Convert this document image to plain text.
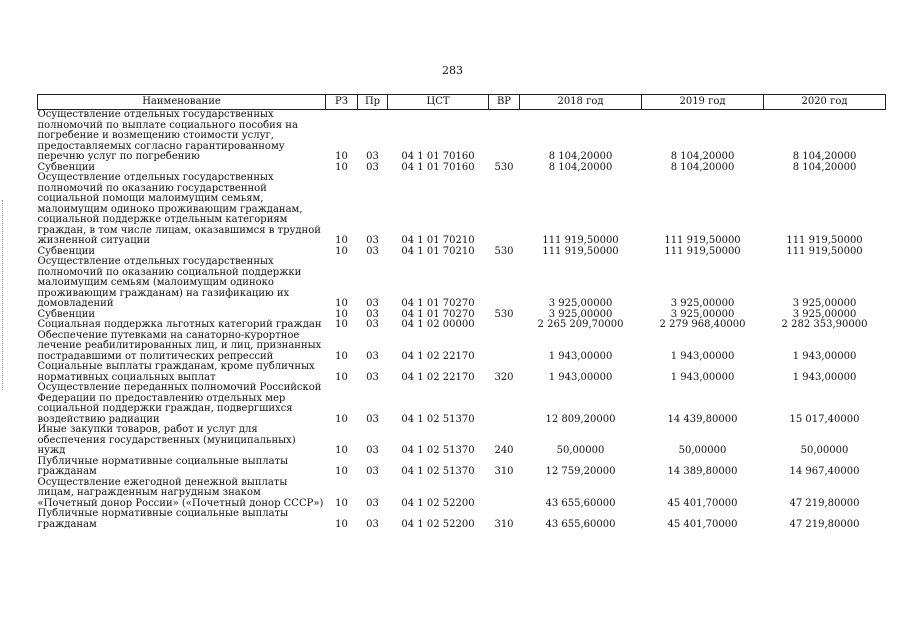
283
Наименование	РЗ	Пр	ЦСТ	ВР	2018 год	2019 год	2020 год
Осуществление отдельных государственных полномочий по выплате социального пособия на погребение и возмещению стоимости услуг, предоставляемых согласно гарантированному перечню услуг по погребению	10	03	04 1 01 70160		8 104,20000	8 104,20000	8 104,20000
Субвенции	10	03	04 1 01 70160	530	8 104,20000	8 104,20000	8 104,20000
Осуществление отдельных государственных полномочий по оказанию государственной социальной помощи малоимущим семьям, малоимущим одиноко проживающим гражданам, социальной поддержке отдельным категориям граждан, в том числе лицам, оказавшимся в трудной жизненной ситуации	10	03	04 1 01 70210		111 919,50000	111 919,50000	111 919,50000
Субвенции	10	03	04 1 01 70210	530	111 919,50000	111 919,50000	111 919,50000
Осуществление отдельных государственных полномочий по оказанию социальной поддержки малоимущим семьям (малоимущим одиноко проживающим гражданам) на газификацию их домовладений	10	03	04 1 01 70270		3 925,00000	3 925,00000	3 925,00000
Субвенции	10	03	04 1 01 70270	530	3 925,00000	3 925,00000	3 925,00000
Социальная поддержка льготных категорий граждан	10	03	04 1 02 00000		2 265 209,70000	2 279 968,40000	2 282 353,90000
Обеспечение путевками на санаторно-курортное лечение реабилитированных лиц, и лиц, признанных пострадавшими от политических репрессий	10	03	04 1 02 22170		1 943,00000	1 943,00000	1 943,00000
Социальные выплаты гражданам, кроме публичных нормативных социальных выплат	10	03	04 1 02 22170	320	1 943,00000	1 943,00000	1 943,00000
Осуществление переданных полномочий Российской Федерации по предоставлению отдельных мер социальной поддержки граждан, подвергшихся воздействию радиации	10	03	04 1 02 51370		12 809,20000	14 439,80000	15 017,40000
Иные закупки товаров, работ и услуг для обеспечения государственных (муниципальных) нужд	10	03	04 1 02 51370	240	50,00000	50,00000	50,00000
Публичные нормативные социальные выплаты гражданам	10	03	04 1 02 51370	310	12 759,20000	14 389,80000	14 967,40000
Осуществление ежегодной денежной выплаты лицам, награжденным нагрудным знаком «Почетный донор России» («Почетный донор СССР»)	10	03	04 1 02 52200		43 655,60000	45 401,70000	47 219,80000
Публичные нормативные социальные выплаты гражданам	10	03	04 1 02 52200	310	43 655,60000	45 401,70000	47 219,80000
